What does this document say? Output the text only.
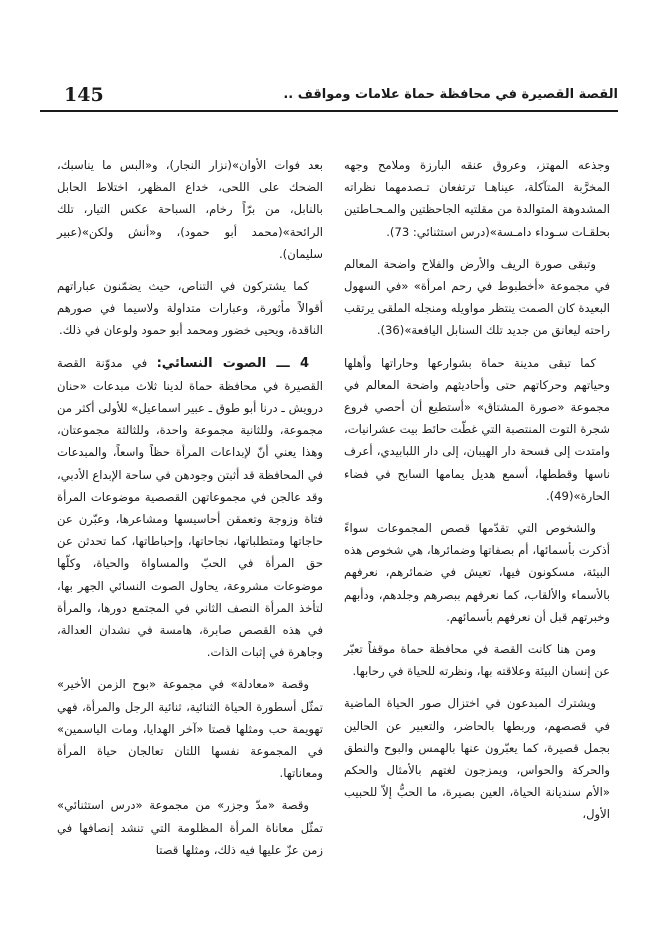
145	القصة القصيرة في محافظة حماة علامات ومواقف ..

وجذعه المهتز، وعروق عنقه البارزة وملامح وجهه المخرَّبة المتآكلة، عيناهـا ترتفعان تـصدمهما نظراته المشدوهة المتوالدة من مقلتيه الجاحظتين والمـحـاطتين بحلقـات سـوداء دامـسة»(درس استثنائي: 73).

وتبقى صورة الريف والأرض والفلاح واضحة المعالم في مجموعة «أخطبوط في رحم امرأة» «في السهول البعيدة كان الصمت ينتظر مواويله ومنجله الملقى يرتقب راحته ليعانق من جديد تلك السنابل اليافعة»(36).

كما تبقى مدينة حماة بشوارعها وحاراتها وأهلها وحياتهم وحركاتهم حتى وأحاديثهم واضحة المعالم في مجموعة «صورة المشتاق» «أستطيع أن أحصي فروع شجرة التوت المنتصبة التي غطّت حائط بيت عشرانيات، وامتدت إلى فسحة دار الهيبان، إلى دار اللبابيدي، أعرف ناسها وقططها، أسمع هديل يمامها السابح في فضاء الحارة»(49).

والشخوص التي تقدّمها قصص المجموعات سواءً أذكرت بأسمائها، أم بصفاتها وضمائرها، هي شخوص هذه البيئة، مسكونون فيها، تعيش في ضمائرهم، نعرفهم بالأسماء والألقاب، كما نعرفهم ببصرهم وجلدهم، ودأبهم وخبرتهم قبل أن نعرفهم بأسمائهم.

ومن هنا كانت القصة في محافظة حماة موقفاً تعبّر عن إنسان البيئة وعلاقته بها، ونظرته للحياة في رحابها.

ويشترك المبدعون في اختزال صور الحياة الماضية في قصصهم، وربطها بالحاضر، والتعبير عن الحالين بجمل قصيرة، كما يعبّرون عنها بالهمس والبوح والنطق والحركة والحواس، ويمزجون لغتهم بالأمثال والحكم «الأم سنديانة الحياة، العين بصيرة، ما الحبُّ إلاّ للحبيب الأول،

بعد فوات الأوان»(نزار النجار)، و«البس ما يناسبك، الضحك على اللحى، خداع المظهر، اختلاط الحابل بالنابل، من برّاً رخام، السباحة عكس التيار، تلك الرائحة»(محمد أبو حمود)، و«أنش ولكن»(عبير سليمان).

كما يشتركون في التناص، حيث يضمّنون عباراتهم أقوالاً مأثورة، وعبارات متداولة ولاسيما في صورهم الناقدة، ويحيى خضور ومحمد أبو حمود ولوعان في ذلك.

4 ـــ الصوت النسائي: في مدوّنة القصة القصيرة في محافظة حماة لدينا ثلاث مبدعات «حنان درويش ـ درنا أبو طوق ـ عبير اسماعيل» للأولى أكثر من مجموعة، وللثانية مجموعة واحدة، وللثالثة مجموعتان، وهذا يعني أنّ لإبداعات المرأة حظاً واسعاً، والمبدعات في المحافظة قد أثبتن وجودهن في ساحة الإبداع الأدبي، وقد عالجن في مجموعاتهن القصصية موضوعات المرأة فتاة وزوجة وتعمقن أحاسيسها ومشاعرها، وعبّرن عن حاجاتها ومتطلباتها، نجاحاتها، وإحباطاتها، كما تحدثن عن حق المرأة في الحبّ والمساواة والحياة، وكلّها موضوعات مشروعة، يحاول الصوت النسائي الجهر بها، لتأخذ المرأة النصف الثاني في المجتمع دورها، والمرأة في هذه القصص صابرة، هامسة في نشدان العدالة، وجاهرة في إثبات الذات.

وقصة «معادلة» في مجموعة «بوح الزمن الأخير» تمثّل أسطورة الحياة الثنائية، ثنائية الرجل والمرأة، فهي تهويمة حب ومثلها قصتا «آخر الهدايا، ومات الياسمين» في المجموعة نفسها اللتان تعالجان حياة المرأة ومعاناتها.

وقصة «مدّ وجزر» من مجموعة «درس استثنائي» تمثّل معاناة المرأة المظلومة التي تنشد إنصافها في زمن عزّ عليها فيه ذلك، ومثلها قصتا
